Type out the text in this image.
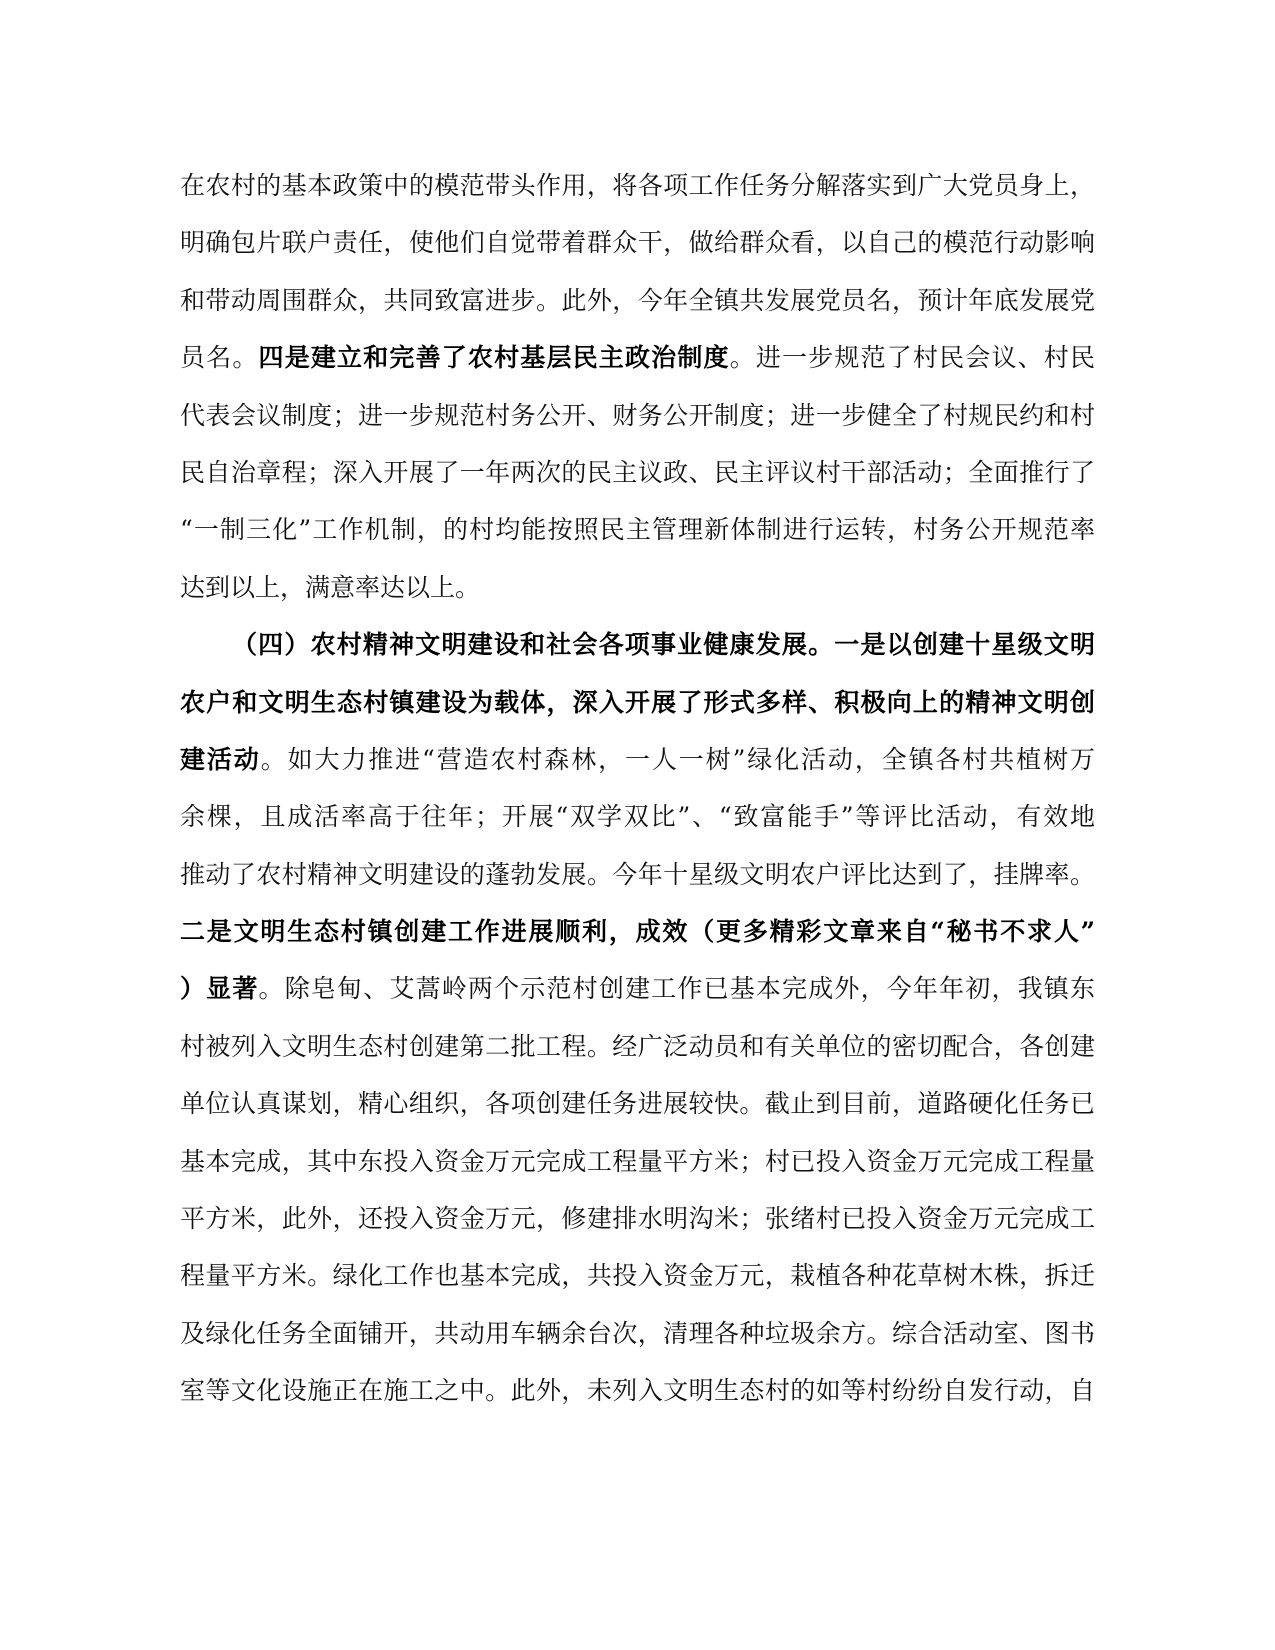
在农村的基本政策中的模范带头作用，将各项工作任务分解落实到广大党员身上，
明确包片联户责任，使他们自觉带着群众干，做给群众看，以自己的模范行动影响
和带动周围群众，共同致富进步。此外，今年全镇共发展党员名，预计年底发展党
员名。四是建立和完善了农村基层民主政治制度。进一步规范了村民会议、村民
代表会议制度；进一步规范村务公开、财务公开制度；进一步健全了村规民约和村
民自治章程；深入开展了一年两次的民主议政、民主评议村干部活动；全面推行了
“一制三化”工作机制，的村均能按照民主管理新体制进行运转，村务公开规范率
达到以上，满意率达以上。
（四）农村精神文明建设和社会各项事业健康发展。一是以创建十星级文明
农户和文明生态村镇建设为载体，深入开展了形式多样、积极向上的精神文明创
建活动。如大力推进“营造农村森林，一人一树”绿化活动，全镇各村共植树万
余棵，且成活率高于往年；开展“双学双比”、“致富能手”等评比活动，有效地
推动了农村精神文明建设的蓬勃发展。今年十星级文明农户评比达到了，挂牌率。
二是文明生态村镇创建工作进展顺利，成效（更多精彩文章来自“秘书不求人”
）显著。除皂甸、艾蒿岭两个示范村创建工作已基本完成外，今年年初，我镇东
村被列入文明生态村创建第二批工程。经广泛动员和有关单位的密切配合，各创建
单位认真谋划，精心组织，各项创建任务进展较快。截止到目前，道路硬化任务已
基本完成，其中东投入资金万元完成工程量平方米；村已投入资金万元完成工程量
平方米，此外，还投入资金万元，修建排水明沟米；张绪村已投入资金万元完成工
程量平方米。绿化工作也基本完成，共投入资金万元，栽植各种花草树木株，拆迁
及绿化任务全面铺开，共动用车辆余台次，清理各种垃圾余方。综合活动室、图书
室等文化设施正在施工之中。此外，未列入文明生态村的如等村纷纷自发行动，自
